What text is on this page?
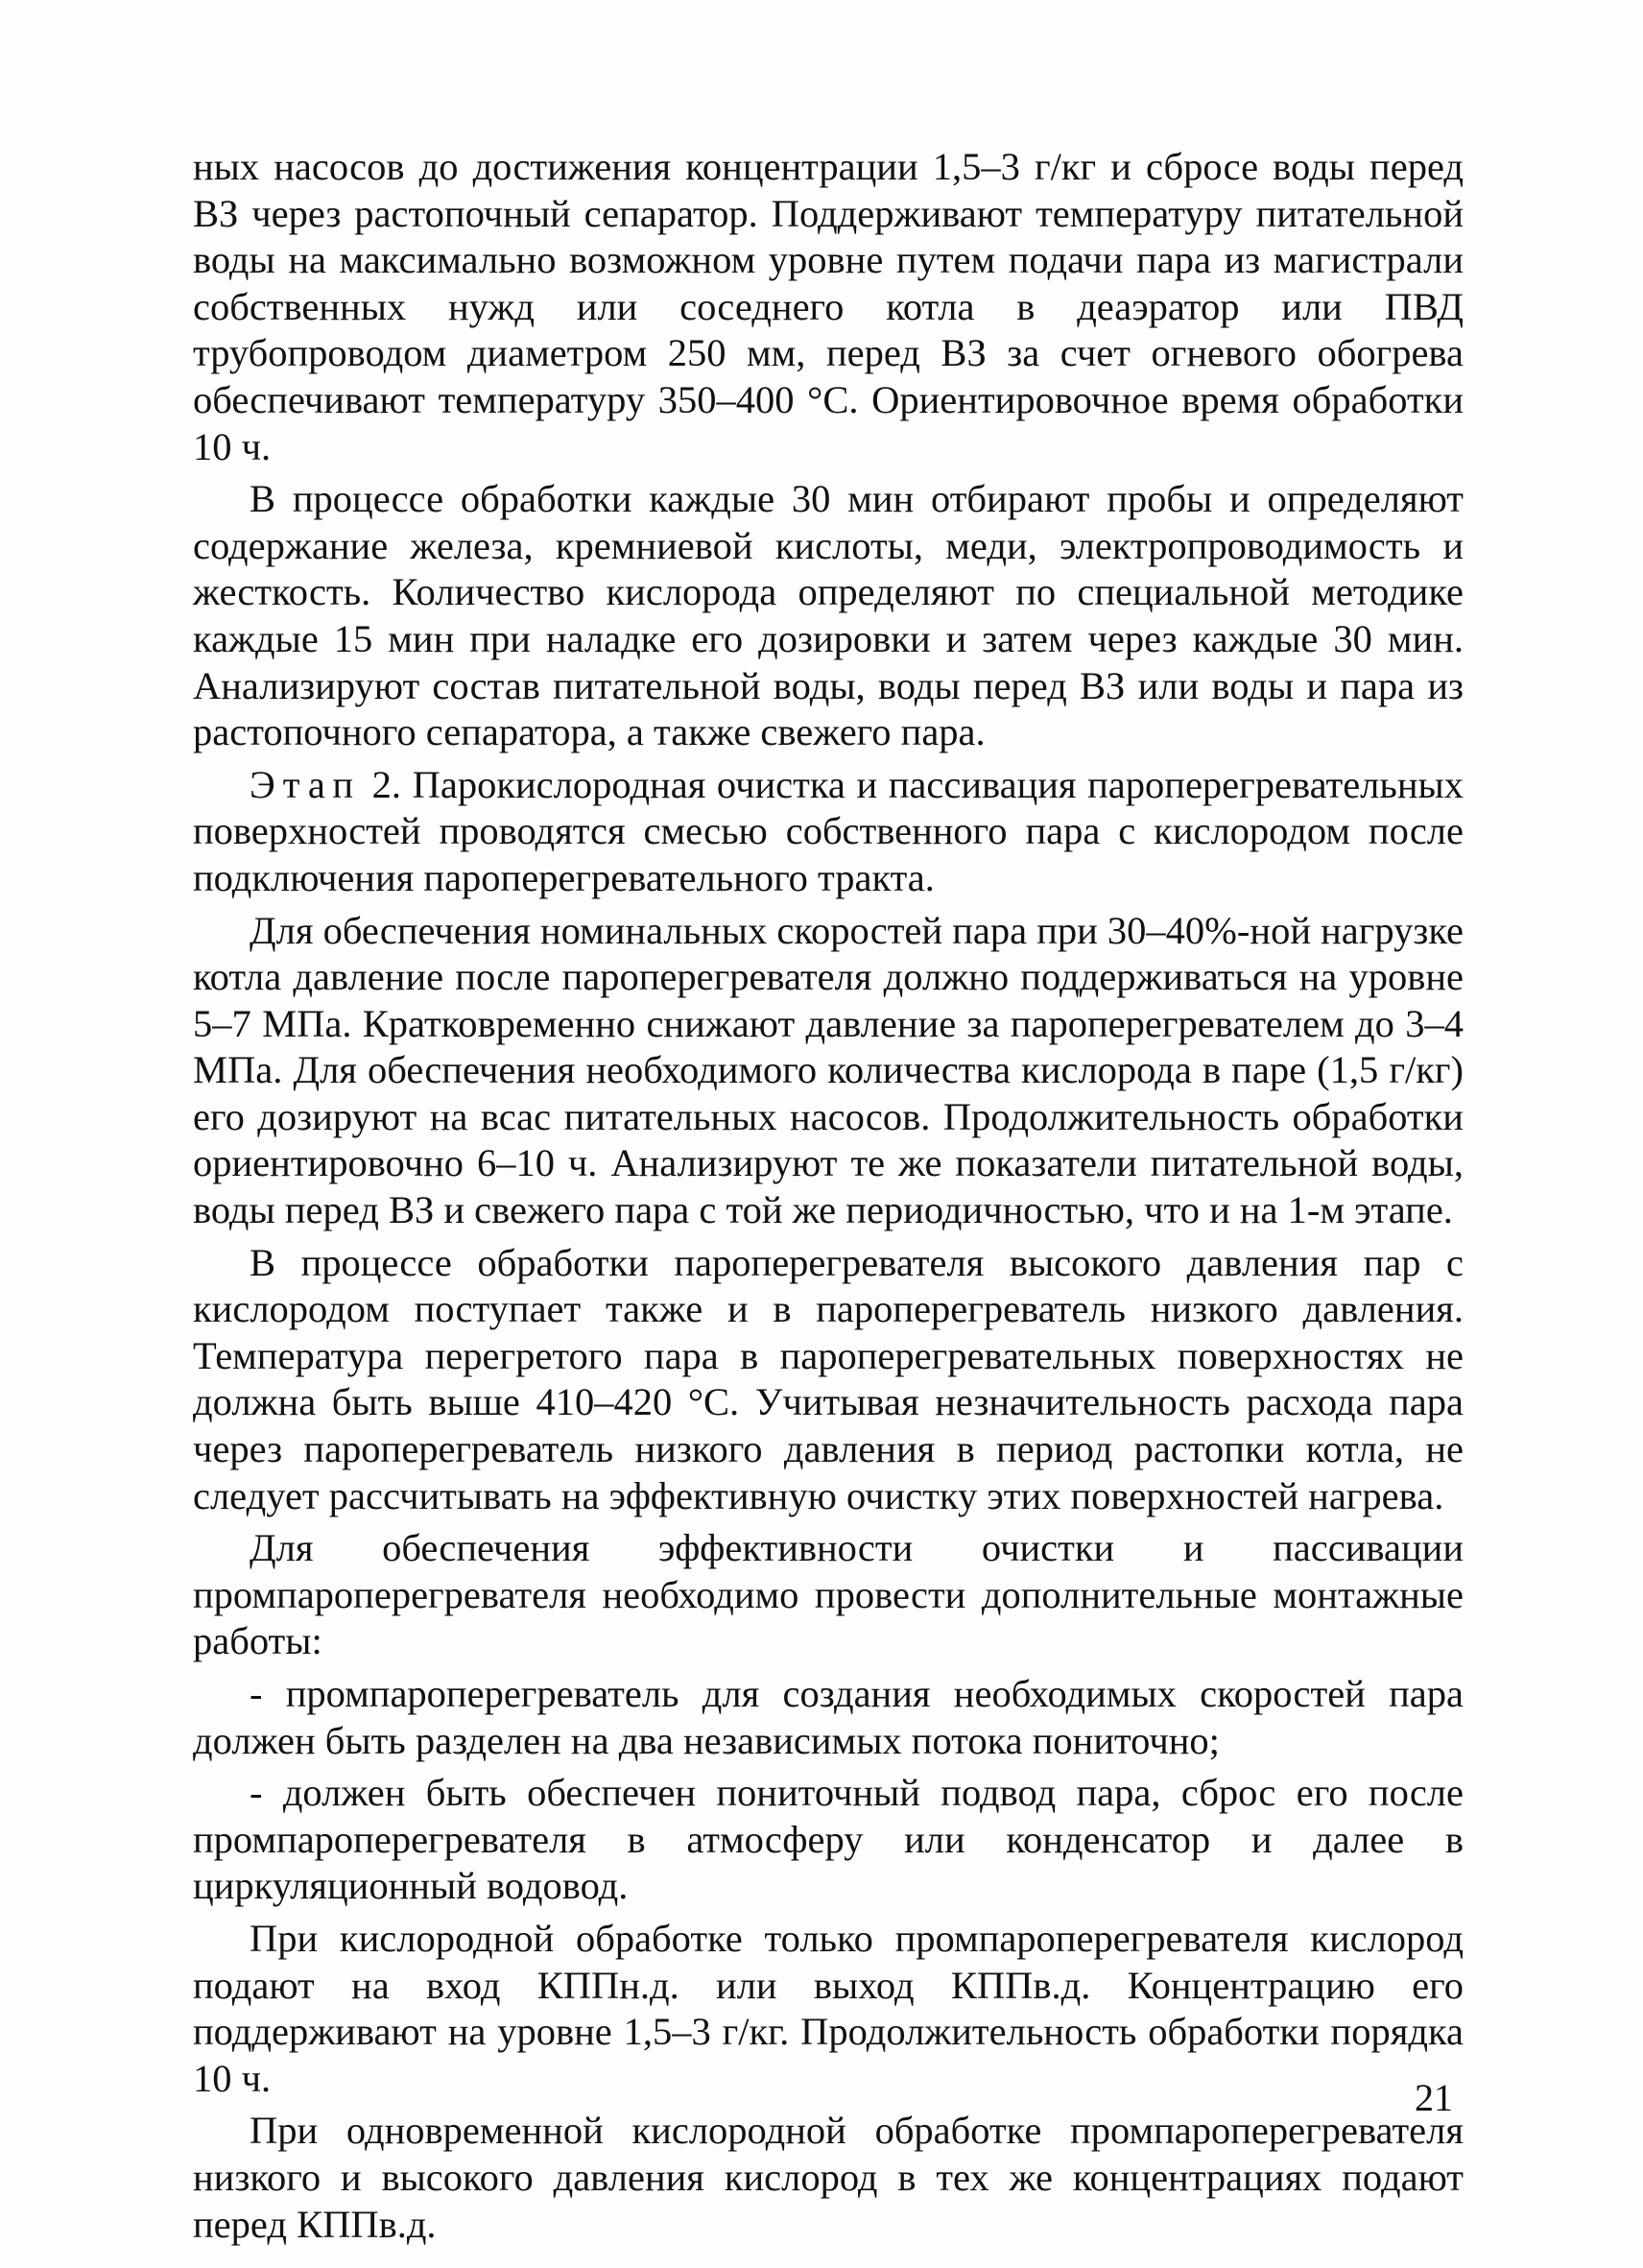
ных насосов до достижения концентрации 1,5–3 г/кг и сбросе воды перед ВЗ через растопочный сепаратор. Поддерживают температуру питательной воды на максимально возможном уровне путем подачи пара из магистрали собственных нужд или соседнего котла в деаэратор или ПВД трубопроводом диаметром 250 мм, перед ВЗ за счет огневого обогрева обеспечивают температуру 350–400 °С. Ориентировочное время обработки 10 ч.

В процессе обработки каждые 30 мин отбирают пробы и определяют содержание железа, кремниевой кислоты, меди, электропроводимость и жесткость. Количество кислорода определяют по специальной методике каждые 15 мин при наладке его дозировки и затем через каждые 30 мин. Анализируют состав питательной воды, воды перед ВЗ или воды и пара из растопочного сепаратора, а также свежего пара.

Этап 2. Парокислородная очистка и пассивация пароперегревательных поверхностей проводятся смесью собственного пара с кислородом после подключения пароперегревательного тракта.

Для обеспечения номинальных скоростей пара при 30–40%-ной нагрузке котла давление после пароперегревателя должно поддерживаться на уровне 5–7 МПа. Кратковременно снижают давление за пароперегревателем до 3–4 МПа. Для обеспечения необходимого количества кислорода в паре (1,5 г/кг) его дозируют на всас питательных насосов. Продолжительность обработки ориентировочно 6–10 ч. Анализируют те же показатели питательной воды, воды перед ВЗ и свежего пара с той же периодичностью, что и на 1-м этапе.

В процессе обработки пароперегревателя высокого давления пар с кислородом поступает также и в пароперегреватель низкого давления. Температура перегретого пара в пароперегревательных поверхностях не должна быть выше 410–420 °С. Учитывая незначительность расхода пара через пароперегреватель низкого давления в период растопки котла, не следует рассчитывать на эффективную очистку этих поверхностей нагрева.

Для обеспечения эффективности очистки и пассивации промпароперегревателя необходимо провести дополнительные монтажные работы:

- промпароперегреватель для создания необходимых скоростей пара должен быть разделен на два независимых потока пониточно;

- должен быть обеспечен пониточный подвод пара, сброс его после промпароперегревателя в атмосферу или конденсатор и далее в циркуляционный водовод.

При кислородной обработке только промпароперегревателя кислород подают на вход КППн.д. или выход КППв.д. Концентрацию его поддерживают на уровне 1,5–3 г/кг. Продолжительность обработки порядка 10 ч.

При одновременной кислородной обработке промпароперегревателя низкого и высокого давления кислород в тех же концентрациях подают перед КППв.д.

21
